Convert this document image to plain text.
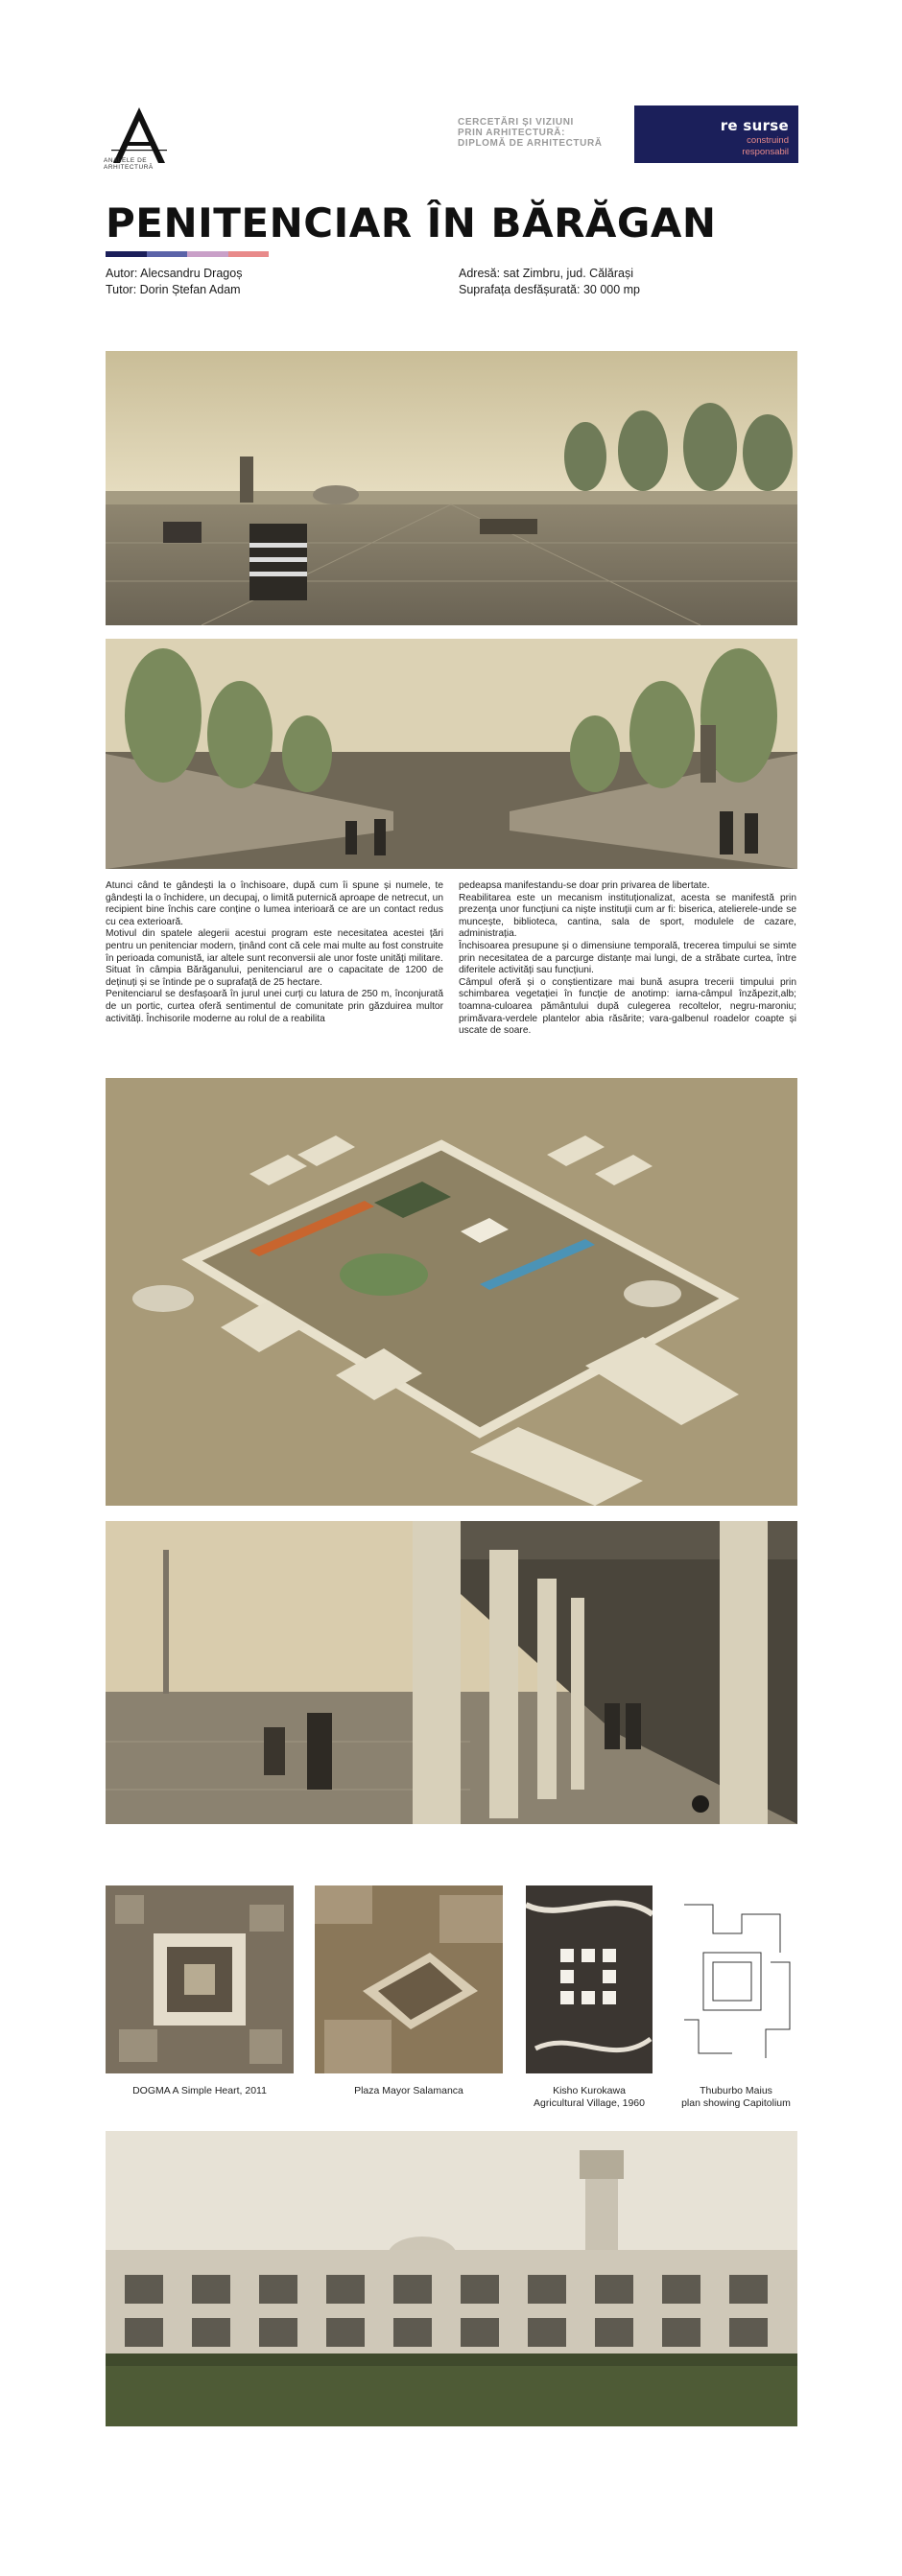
ANALELE DE ARHITECTURĂ
CERCETĂRI ȘI VIZIUNI
PRIN ARHITECTURĂ:
DIPLOMĂ DE ARHITECTURĂ
re surse
construind
responsabil
PENITENCIAR ÎN BĂRĂGAN
Autor: Alecsandru Dragoș
Tutor: Dorin Ștefan Adam
Adresă: sat Zimbru, jud. Călărași
Suprafața desfășurată: 30 000 mp

Atunci când te gândești la o închisoare, după cum îi spune și numele, te gândești la o închidere, un decupaj, o limită puternică aproape de netrecut, un recipient bine închis care conține o lumea interioară ce are un contact redus cu cea exterioară.

Motivul din spatele alegerii acestui program este necesitatea acestei țări pentru un penitenciar modern, ținând cont că cele mai multe au fost construite în perioada comunistă, iar altele sunt reconversii ale unor foste unități militare.

Situat în câmpia Bărăganului, penitenciarul are o capacitate de 1200 de deținuți și se întinde pe o suprafață de 25 hectare.

Penitenciarul se desfașoară în jurul unei curți cu latura de 250 m, înconjurată de un portic, curtea oferă sentimentul de comunitate prin găzduirea multor activități. Închisorile moderne au rolul de a reabilita

pedeapsa manifestandu-se doar prin privarea de libertate.

Reabilitarea este un mecanism instituționalizat, acesta se manifestă prin prezența unor funcțiuni ca niște instituții cum ar fi: biserica, atelierele-unde se muncește, biblioteca, cantina, sala de sport, modulele de cazare, administrația.

Închisoarea presupune și o dimensiune temporală, trecerea timpului se simte prin necesitatea de a parcurge distanțe mai lungi, de a străbate curtea, între diferitele activități sau funcțiuni.

Câmpul oferă și o conștientizare mai bună asupra trecerii timpului prin schimbarea vegetației în funcție de anotimp: iarna-câmpul înzăpezit,alb; toamna-culoarea pământului după culegerea recoltelor, negru-maroniu; primăvara-verdele plantelor abia răsărite; vara-galbenul roadelor coapte și uscate de soare.

DOGMA A Simple Heart, 2011	Plaza Mayor Salamanca	Kisho Kurokawa
Agricultural Village, 1960
Thuburbo Maius
plan showing Capitolium
